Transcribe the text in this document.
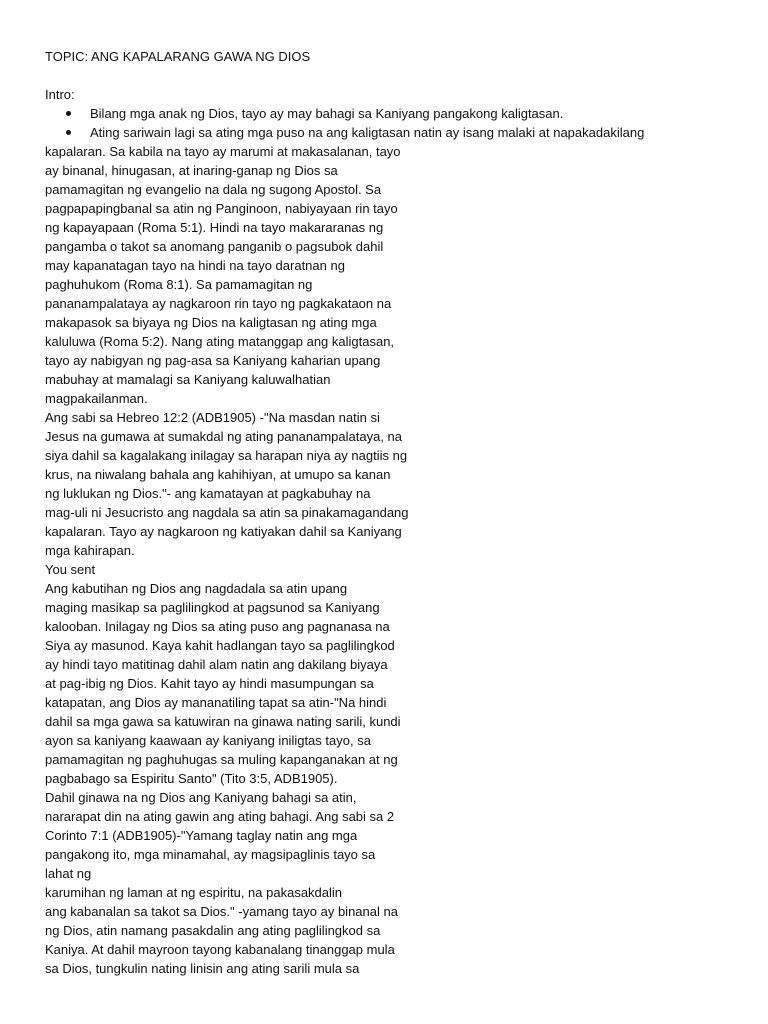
TOPIC: ANG KAPALARANG GAWA NG DIOS
Intro:
Bilang mga anak ng Dios, tayo ay may bahagi sa Kaniyang pangakong kaligtasan.
Ating sariwain lagi sa ating mga puso na ang kaligtasan natin ay isang malaki at napakadakilang
kapalaran. Sa kabila na tayo ay marumi at makasalanan, tayo
ay binanal, hinugasan, at inaring-ganap ng Dios sa
pamamagitan ng evangelio na dala ng sugong Apostol. Sa
pagpapapingbanal sa atin ng Panginoon, nabiyayaan rin tayo
ng kapayapaan (Roma 5:1). Hindi na tayo makararanas ng
pangamba o takot sa anomang panganib o pagsubok dahil
may kapanatagan tayo na hindi na tayo daratnan ng
paghuhukom (Roma 8:1). Sa pamamagitan ng
pananampalataya ay nagkaroon rin tayo ng pagkakataon na
makapasok sa biyaya ng Dios na kaligtasan ng ating mga
kaluluwa (Roma 5:2). Nang ating matanggap ang kaligtasan,
tayo ay nabigyan ng pag-asa sa Kaniyang kaharian upang
mabuhay at mamalagi sa Kaniyang kaluwalhatian
magpakailanman.
Ang sabi sa Hebreo 12:2 (ADB1905) -"Na masdan natin si
Jesus na gumawa at sumakdal ng ating pananampalataya, na
siya dahil sa kagalakang inilagay sa harapan niya ay nagtiis ng
krus, na niwalang bahala ang kahihiyan, at umupo sa kanan
ng luklukan ng Dios."- ang kamatayan at pagkabuhay na
mag-uli ni Jesucristo ang nagdala sa atin sa pinakamagandang
kapalaran. Tayo ay nagkaroon ng katiyakan dahil sa Kaniyang
mga kahirapan.
You sent
Ang kabutihan ng Dios ang nagdadala sa atin upang
maging masikap sa paglilingkod at pagsunod sa Kaniyang
kalooban. Inilagay ng Dios sa ating puso ang pagnanasa na
Siya ay masunod. Kaya kahit hadlangan tayo sa paglilingkod
ay hindi tayo matitinag dahil alam natin ang dakilang biyaya
at pag-ibig ng Dios. Kahit tayo ay hindi masumpungan sa
katapatan, ang Dios ay mananatiling tapat sa atin-"Na hindi
dahil sa mga gawa sa katuwiran na ginawa nating sarili, kundi
ayon sa kaniyang kaawaan ay kaniyang iniligtas tayo, sa
pamamagitan ng paghuhugas sa muling kapanganakan at ng
pagbabago sa Espiritu Santo" (Tito 3:5, ADB1905).
Dahil ginawa na ng Dios ang Kaniyang bahagi sa atin,
nararapat din na ating gawin ang ating bahagi. Ang sabi sa 2
Corinto 7:1 (ADB1905)-"Yamang taglay natin ang mga
pangakong ito, mga minamahal, ay magsipaglinis tayo sa
lahat ng
karumihan ng laman at ng espiritu, na pakasakdalin
ang kabanalan sa takot sa Dios." -yamang tayo ay binanal na
ng Dios, atin namang pasakdalin ang ating paglilingkod sa
Kaniya. At dahil mayroon tayong kabanalang tinanggap mula
sa Dios, tungkulin nating linisin ang ating sarili mula sa
